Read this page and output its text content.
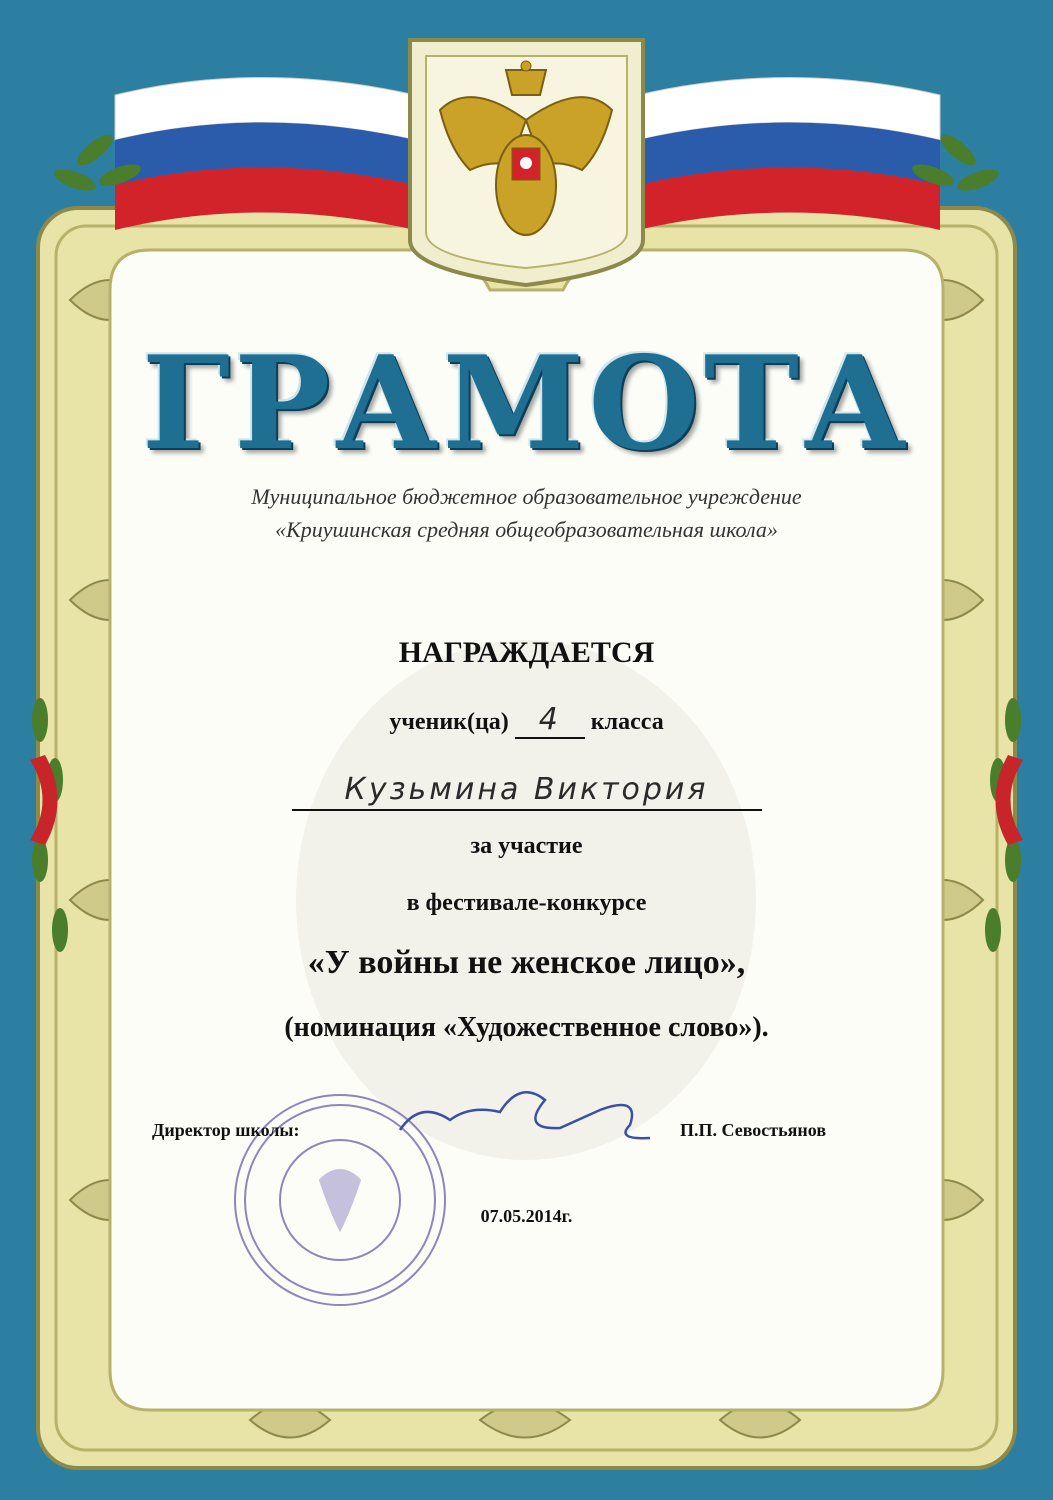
ГРАМОТА
Муниципальное бюджетное образовательное учреждение
«Криушинская средняя общеобразовательная школа»
НАГРАЖДАЕТСЯ
ученик(ца) 4 класса
Кузьмина Виктория
за участие
в фестивале-конкурсе
«У войны не женское лицо»,
(номинация «Художественное слово»).
Директор школы:	П.П. Севостьянов
07.05.2014г.
